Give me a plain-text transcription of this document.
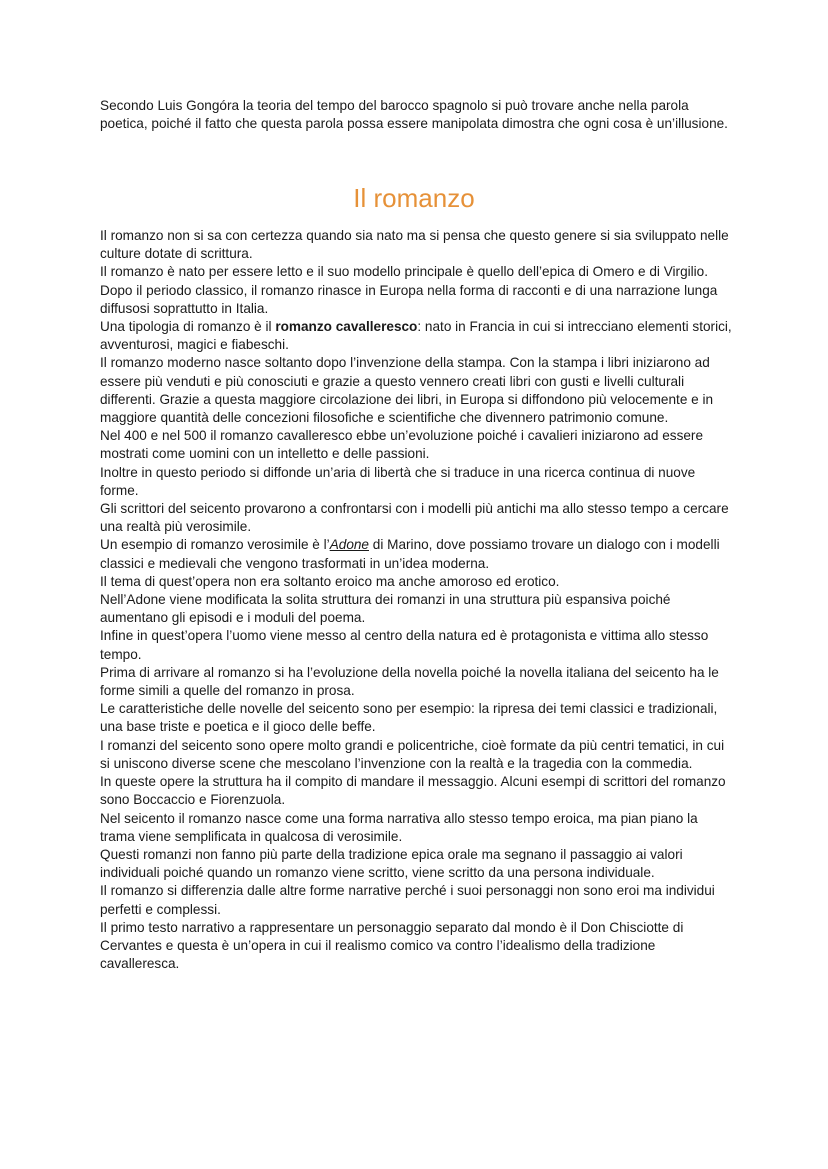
Secondo Luis Gongóra la teoria del tempo del barocco spagnolo si può trovare anche nella parola poetica, poiché il fatto che questa parola possa essere manipolata dimostra che ogni cosa è un’illusione.

Il romanzo
Il romanzo non si sa con certezza quando sia nato ma si pensa che questo genere si sia sviluppato nelle culture dotate di scrittura.
Il romanzo è nato per essere letto e il suo modello principale è quello dell’epica di Omero e di Virgilio.
Dopo il periodo classico, il romanzo rinasce in Europa nella forma di racconti e di una narrazione lunga diffusosi soprattutto in Italia.
Una tipologia di romanzo è il romanzo cavalleresco: nato in Francia in cui si intrecciano elementi storici, avventurosi, magici e fiabeschi.
Il romanzo moderno nasce soltanto dopo l’invenzione della stampa. Con la stampa i libri iniziarono ad essere più venduti e più conosciuti e grazie a questo vennero creati libri con gusti e livelli culturali differenti. Grazie a questa maggiore circolazione dei libri, in Europa si diffondono più velocemente e in maggiore quantità delle concezioni filosofiche e scientifiche che divennero patrimonio comune.
Nel 400 e nel 500 il romanzo cavalleresco ebbe un’evoluzione poiché i cavalieri iniziarono ad essere mostrati come uomini con un intelletto e delle passioni.
Inoltre in questo periodo si diffonde un’aria di libertà che si traduce in una ricerca continua di nuove forme.
Gli scrittori del seicento provarono a confrontarsi con i modelli più antichi ma allo stesso tempo a cercare una realtà più verosimile.
Un esempio di romanzo verosimile è l’Adone di Marino, dove possiamo trovare un dialogo con i modelli classici e medievali che vengono trasformati in un’idea moderna.
Il tema di quest’opera non era soltanto eroico ma anche amoroso ed erotico.
Nell’Adone viene modificata la solita struttura dei romanzi in una struttura più espansiva poiché aumentano gli episodi e i moduli del poema.
Infine in quest’opera l’uomo viene messo al centro della natura ed è protagonista e vittima allo stesso tempo.
Prima di arrivare al romanzo si ha l’evoluzione della novella poiché la novella italiana del seicento ha le forme simili a quelle del romanzo in prosa.
Le caratteristiche delle novelle del seicento sono per esempio: la ripresa dei temi classici e tradizionali, una base triste e poetica e il gioco delle beffe.
I romanzi del seicento sono opere molto grandi e policentriche, cioè formate da più centri tematici, in cui si uniscono diverse scene che mescolano l’invenzione con la realtà e la tragedia con la commedia.
In queste opere la struttura ha il compito di mandare il messaggio. Alcuni esempi di scrittori del romanzo sono Boccaccio e Fiorenzuola.
Nel seicento il romanzo nasce come una forma narrativa allo stesso tempo eroica, ma pian piano la trama viene semplificata in qualcosa di verosimile.
Questi romanzi non fanno più parte della tradizione epica orale ma segnano il passaggio ai valori individuali poiché quando un romanzo viene scritto, viene scritto da una persona individuale.
Il romanzo si differenzia dalle altre forme narrative perché i suoi personaggi non sono eroi ma individui perfetti e complessi.
Il primo testo narrativo a rappresentare un personaggio separato dal mondo è il Don Chisciotte di Cervantes e questa è un’opera in cui il realismo comico va contro l’idealismo della tradizione cavalleresca.
